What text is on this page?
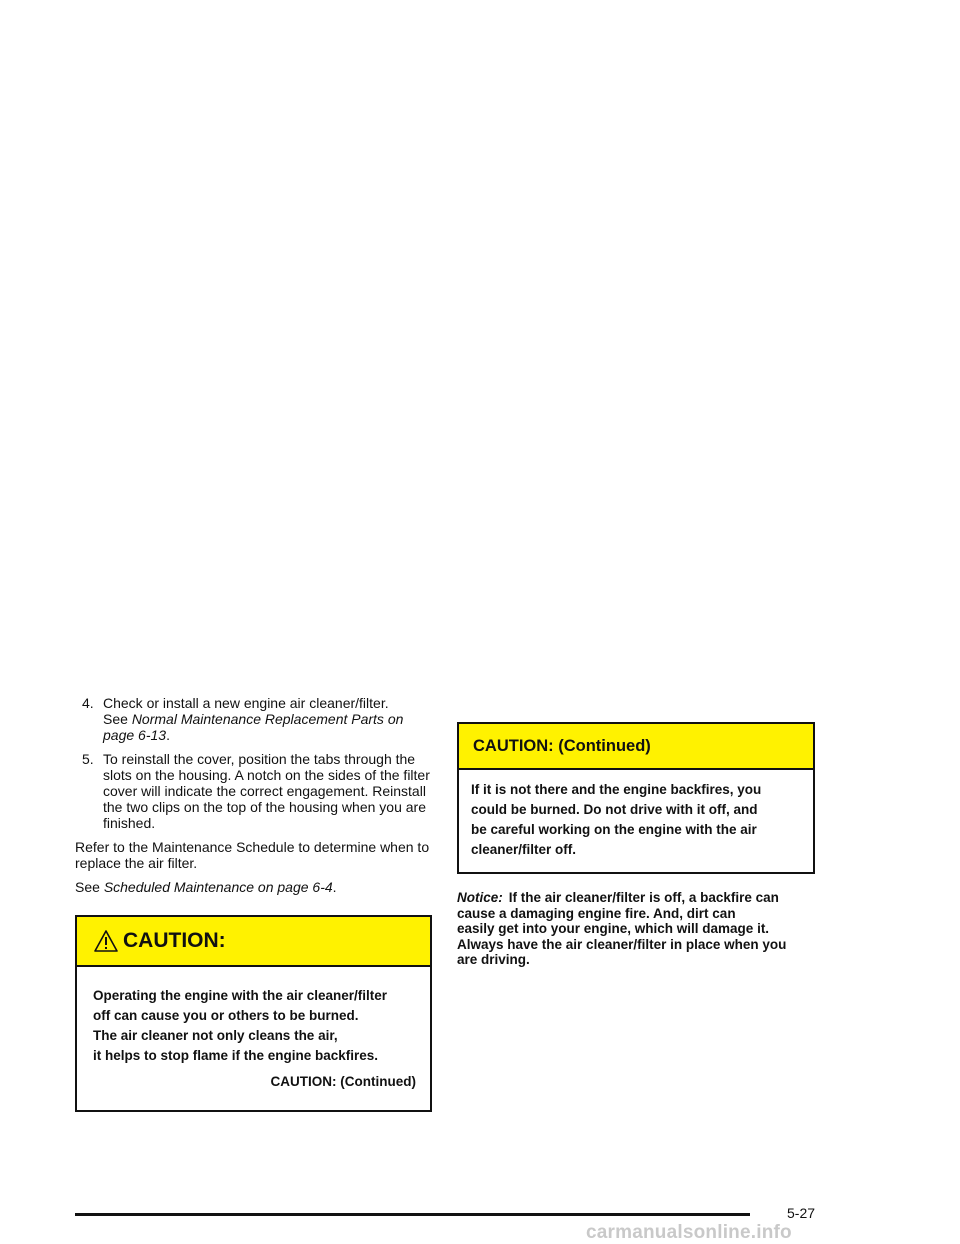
4. Check or install a new engine air cleaner/filter.
See Normal Maintenance Replacement Parts on page 6-13.
5. To reinstall the cover, position the tabs through the slots on the housing. A notch on the sides of the filter cover will indicate the correct engagement. Reinstall the two clips on the top of the housing when you are finished.

Refer to the Maintenance Schedule to determine when to replace the air filter.

See Scheduled Maintenance on page 6-4.

CAUTION:
Operating the engine with the air cleaner/filter
off can cause you or others to be burned.
The air cleaner not only cleans the air,
it helps to stop flame if the engine backfires.
CAUTION: (Continued)
CAUTION: (Continued)
If it is not there and the engine backfires, you
could be burned. Do not drive with it off, and
be careful working on the engine with the air
cleaner/filter off.
Notice: If the air cleaner/filter is off, a backfire can
cause a damaging engine fire. And, dirt can
easily get into your engine, which will damage it.
Always have the air cleaner/filter in place when you
are driving.
5-27
carmanualsonline.info
